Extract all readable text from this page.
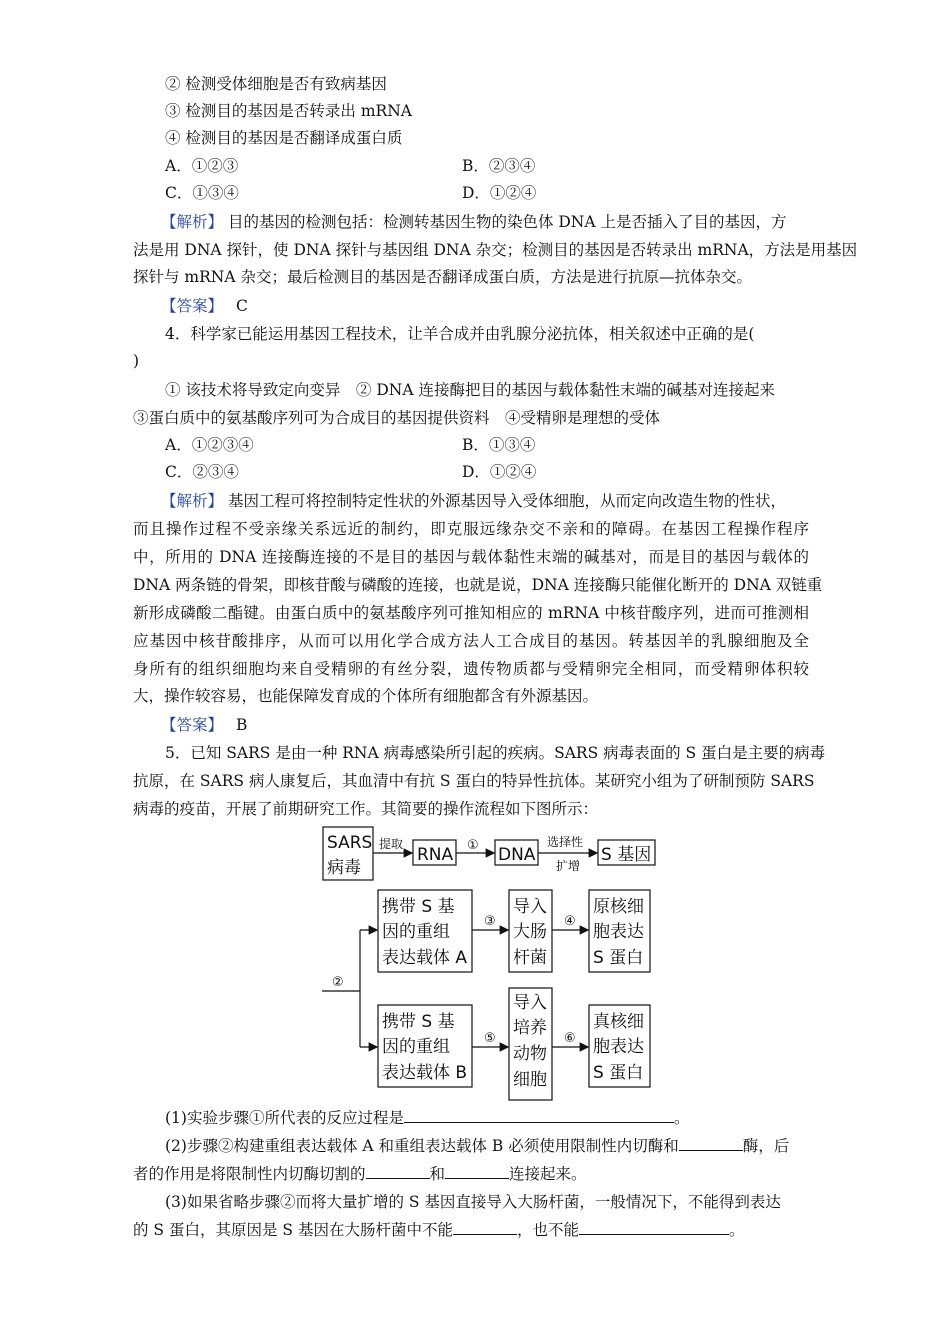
② 检测受体细胞是否有致病基因
③ 检测目的基因是否转录出 mRNA
④ 检测目的基因是否翻译成蛋白质
A．①②③	B．②③④
C．①③④	D．①②④
【解析】 目的基因的检测包括：检测转基因生物的染色体 DNA 上是否插入了目的基因，方
法是用 DNA 探针，使 DNA 探针与基因组 DNA 杂交；检测目的基因是否转录出 mRNA，方法是用基因
探针与 mRNA 杂交；最后检测目的基因是否翻译成蛋白质，方法是进行抗原—抗体杂交。
【答案】 C
4．科学家已能运用基因工程技术，让羊合成并由乳腺分泌抗体，相关叙述中正确的是(
)
① 该技术将导致定向变异　② DNA 连接酶把目的基因与载体黏性末端的碱基对连接起来
③蛋白质中的氨基酸序列可为合成目的基因提供资料　④受精卵是理想的受体
A．①②③④	B．①③④
C．②③④	D．①②④
【解析】 基因工程可将控制特定性状的外源基因导入受体细胞，从而定向改造生物的性状，
而且操作过程不受亲缘关系远近的制约，即克服远缘杂交不亲和的障碍。在基因工程操作程序
中，所用的 DNA 连接酶连接的不是目的基因与载体黏性末端的碱基对，而是目的基因与载体的
DNA 两条链的骨架，即核苷酸与磷酸的连接，也就是说，DNA 连接酶只能催化断开的 DNA 双链重
新形成磷酸二酯键。由蛋白质中的氨基酸序列可推知相应的 mRNA 中核苷酸序列，进而可推测相
应基因中核苷酸排序，从而可以用化学合成方法人工合成目的基因。转基因羊的乳腺细胞及全
身所有的组织细胞均来自受精卵的有丝分裂，遗传物质都与受精卵完全相同，而受精卵体积较
大，操作较容易，也能保障发育成的个体所有细胞都含有外源基因。
【答案】 B
5．已知 SARS 是由一种 RNA 病毒感染所引起的疾病。SARS 病毒表面的 S 蛋白是主要的病毒
抗原，在 SARS 病人康复后，其血清中有抗 S 蛋白的特异性抗体。某研究小组为了研制预防 SARS
病毒的疫苗，开展了前期研究工作。其简要的操作流程如下图所示：
SARS
病毒
提取
RNA ① DNA
选择性
扩增
S 基因
②
携带 S 基
因的重组
表达载体 A
③
导入
大肠
杆菌
④
原核细
胞表达
S 蛋白
携带 S 基
因的重组
表达载体 B
⑤
导入
培养
动物
细胞
⑥
真核细
胞表达
S 蛋白
(1)实验步骤①所代表的反应过程是	。
(2)步骤②构建重组表达载体 A 和重组表达载体 B 必须使用限制性内切酶和	酶，后
者的作用是将限制性内切酶切割的	和	连接起来。
(3)如果省略步骤②而将大量扩增的 S 基因直接导入大肠杆菌，一般情况下，不能得到表达
的 S 蛋白，其原因是 S 基因在大肠杆菌中不能	，也不能	。
